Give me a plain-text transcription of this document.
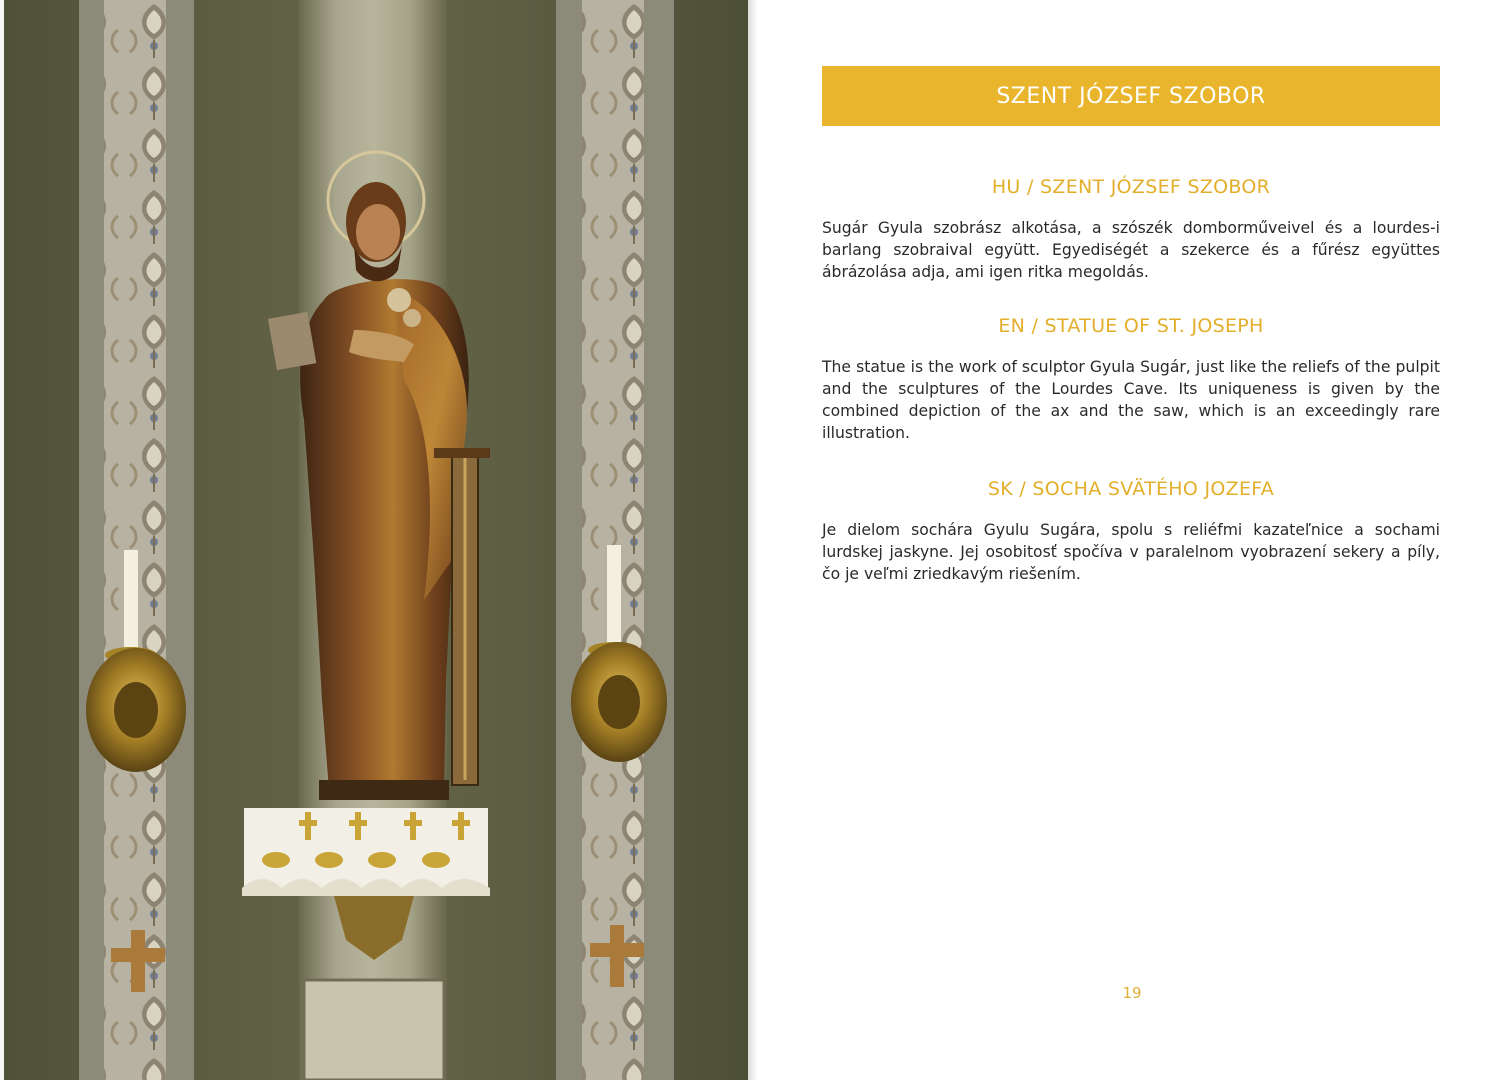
SZENT JÓZSEF SZOBOR
HU / SZENT JÓZSEF SZOBOR
Sugár Gyula szobrász alkotása, a szószék domborműveivel és a lourdes-i barlang szobraival együtt. Egyediségét a szekerce és a fűrész együttes ábrázolása adja, ami igen ritka megoldás.
EN / STATUE OF ST. JOSEPH
The statue is the work of sculptor Gyula Sugár, just like the reliefs of the pulpit and the sculptures of the Lourdes Cave. Its uniqueness is given by the combined depiction of the ax and the saw, which is an exceedingly rare illustration.
SK / SOCHA SVÄTÉHO JOZEFA
Je dielom sochára Gyulu Sugára, spolu s reliéfmi kazateľnice a sochami lurdskej jaskyne. Jej osobitosť spočíva v paralelnom vyobrazení sekery a píly, čo je veľmi zriedkavým riešením.
19
